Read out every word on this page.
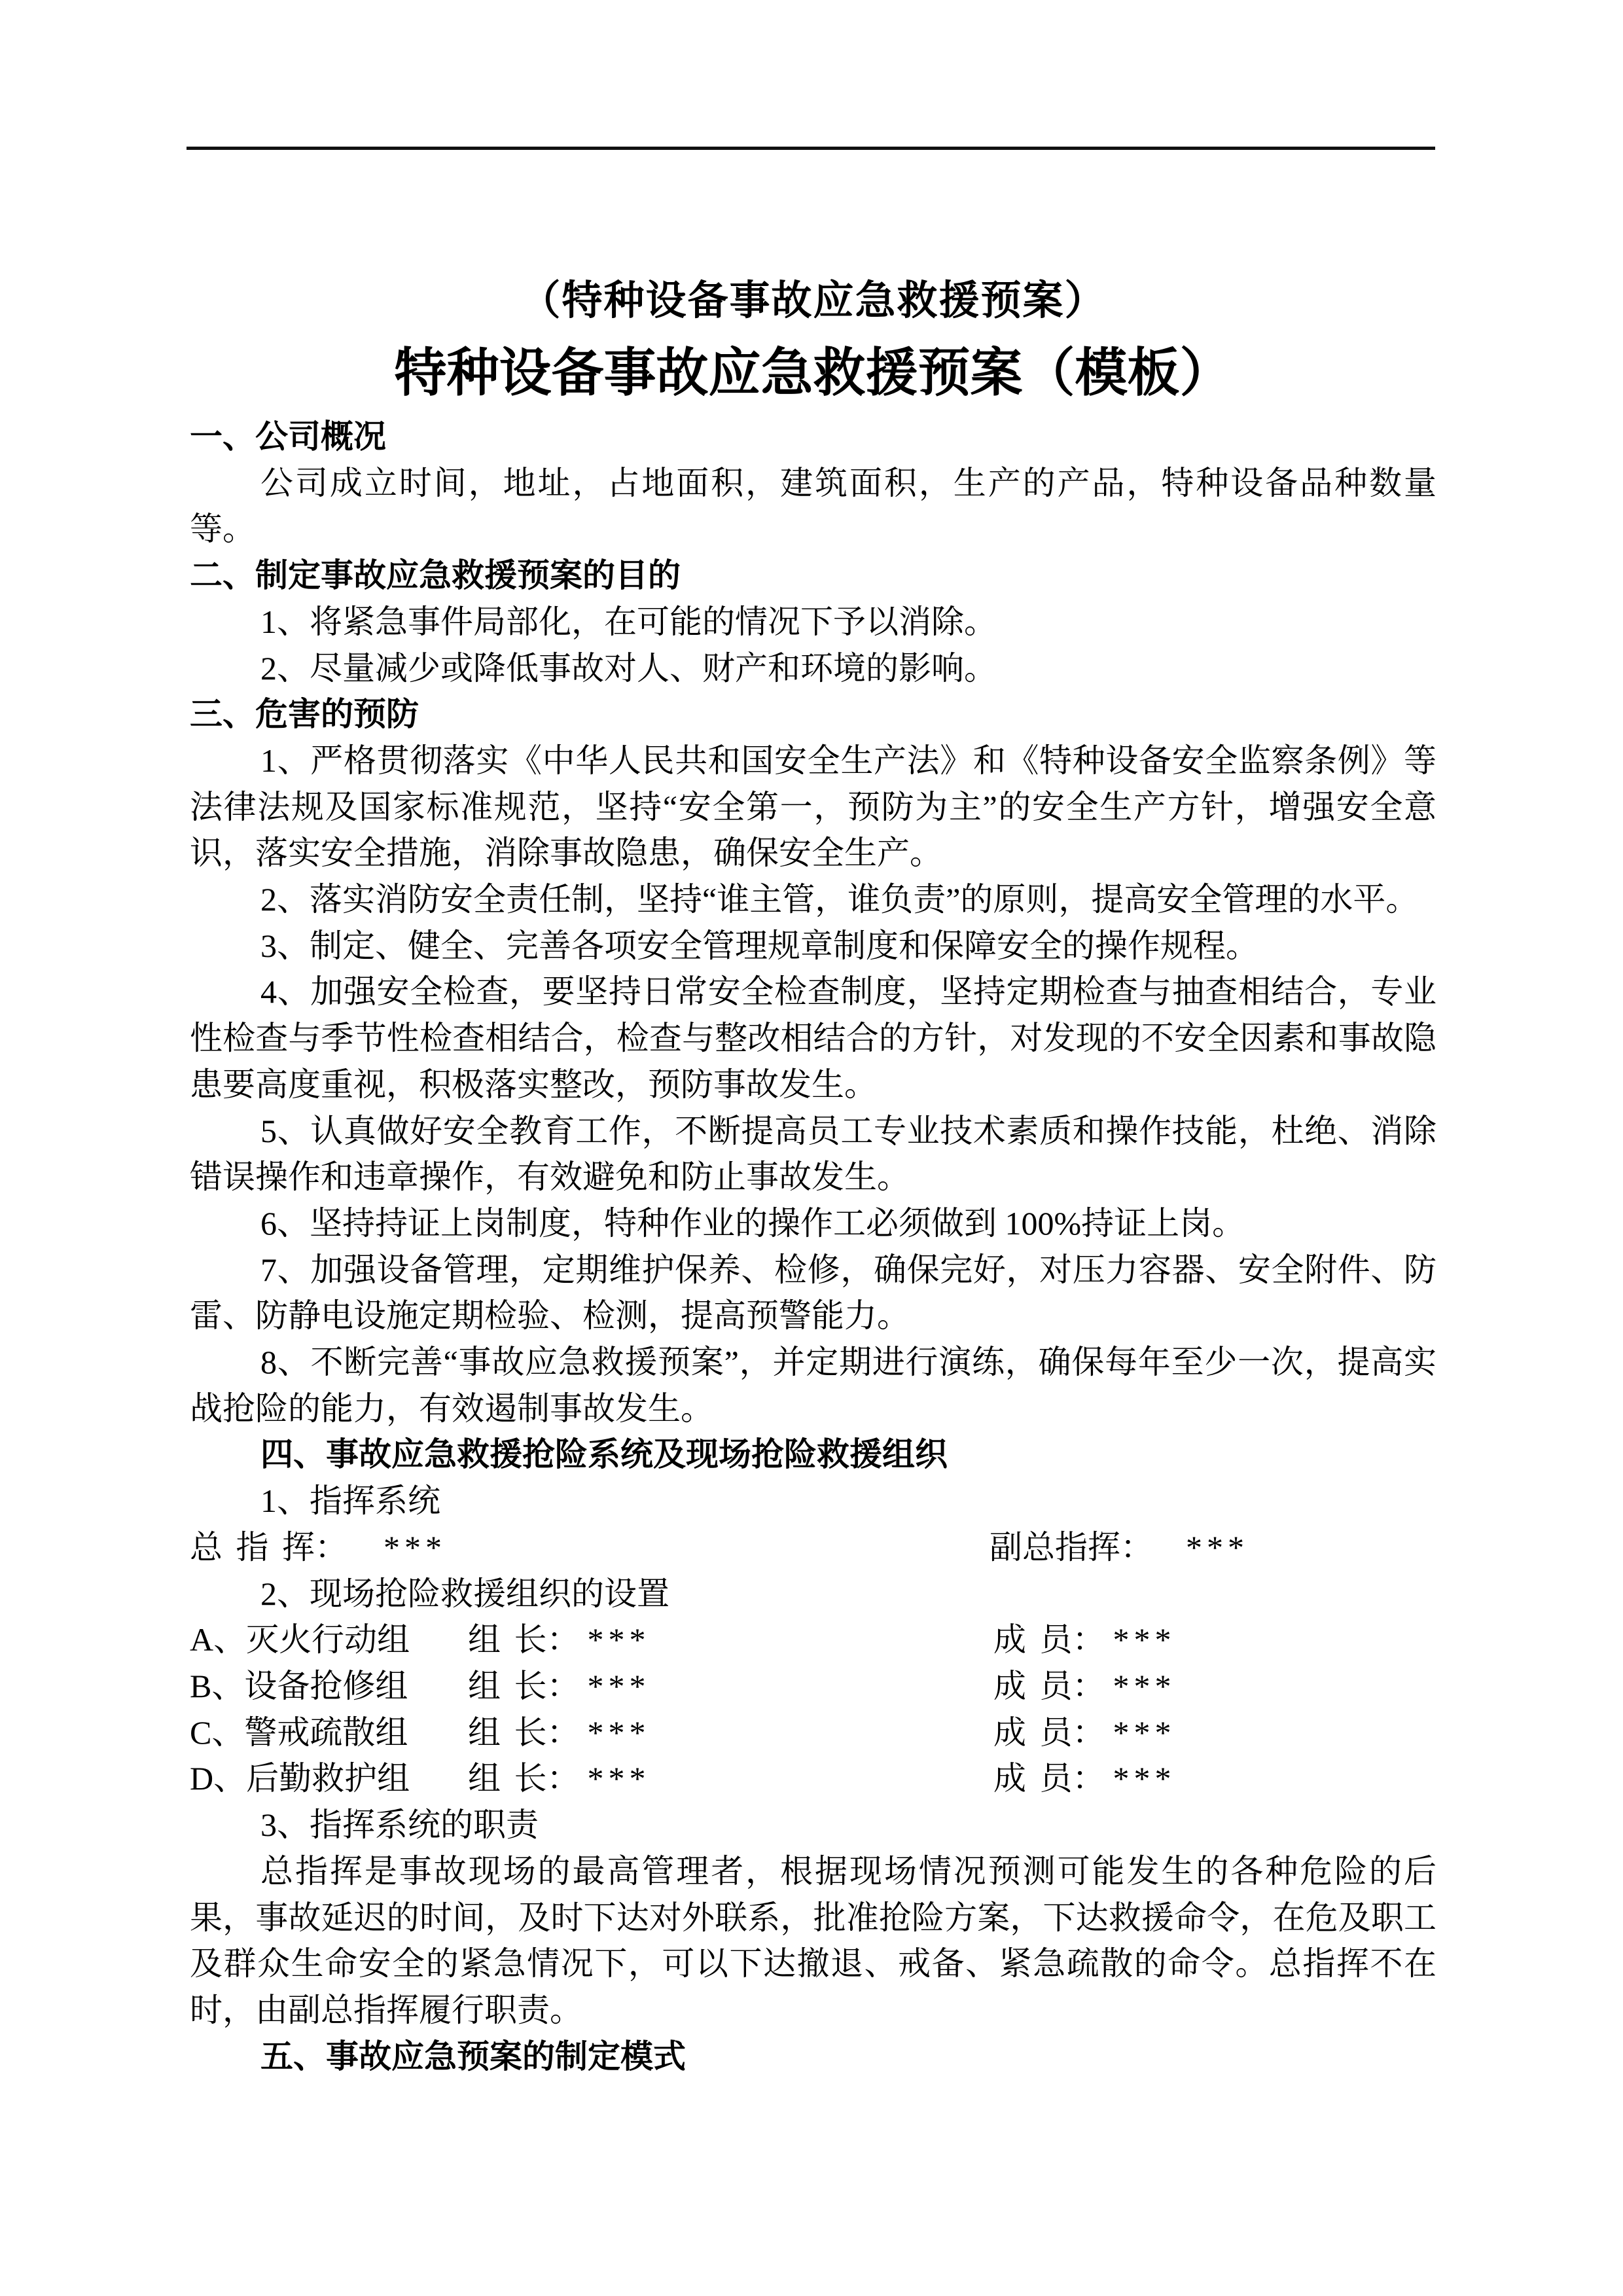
（特种设备事故应急救援预案）
特种设备事故应急救援预案（模板）

一、公司概况

公司成立时间，地址，占地面积，建筑面积，生产的产品，特种设备品种数量等。

二、制定事故应急救援预案的目的

1、将紧急事件局部化，在可能的情况下予以消除。

2、尽量减少或降低事故对人、财产和环境的影响。

三、危害的预防

1、严格贯彻落实《中华人民共和国安全生产法》和《特种设备安全监察条例》等法律法规及国家标准规范，坚持“安全第一，预防为主”的安全生产方针，增强安全意识，落实安全措施，消除事故隐患，确保安全生产。

2、落实消防安全责任制，坚持“谁主管，谁负责”的原则，提高安全管理的水平。

3、制定、健全、完善各项安全管理规章制度和保障安全的操作规程。

4、加强安全检查，要坚持日常安全检查制度，坚持定期检查与抽查相结合，专业性检查与季节性检查相结合，检查与整改相结合的方针，对发现的不安全因素和事故隐患要高度重视，积极落实整改，预防事故发生。

5、认真做好安全教育工作，不断提高员工专业技术素质和操作技能，杜绝、消除错误操作和违章操作，有效避免和防止事故发生。

6、坚持持证上岗制度，特种作业的操作工必须做到 100%持证上岗。

7、加强设备管理，定期维护保养、检修，确保完好，对压力容器、安全附件、防雷、防静电设施定期检验、检测，提高预警能力。

8、不断完善“事故应急救援预案”，并定期进行演练，确保每年至少一次，提高实战抢险的能力，有效遏制事故发生。

四、事故应急救援抢险系统及现场抢险救援组织

1、指挥系统

总 指 挥： ***	副总指挥： ***

2、现场抢险救援组织的设置

A、灭火行动组 组 长： ***	成 员： ***

B、设备抢修组 组 长： ***	成 员： ***

C、警戒疏散组 组 长： ***	成 员： ***

D、后勤救护组 组 长： ***	成 员： ***

3、指挥系统的职责

总指挥是事故现场的最高管理者，根据现场情况预测可能发生的各种危险的后果，事故延迟的时间，及时下达对外联系，批准抢险方案，下达救援命令，在危及职工及群众生命安全的紧急情况下，可以下达撤退、戒备、紧急疏散的命令。总指挥不在时，由副总指挥履行职责。

五、事故应急预案的制定模式
